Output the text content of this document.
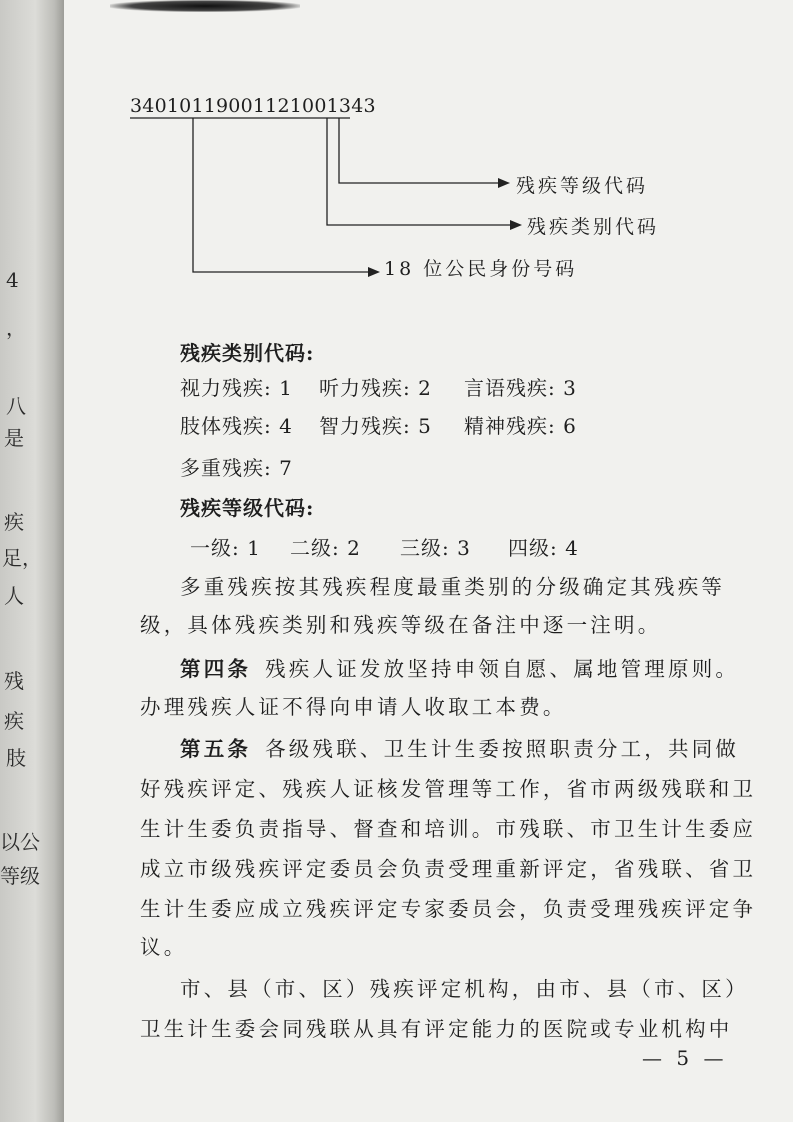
4
，
八
是
疾
足，
人
残
疾
肢
以公
等级
34010119001121001343
残疾等级代码
残疾类别代码
18 位公民身份号码
残疾类别代码:
视力残疾: 1 听力残疾: 2 言语残疾: 3
肢体残疾: 4 智力残疾: 5 精神残疾: 6
多重残疾: 7
残疾等级代码:
一级: 1 二级: 2 三级: 3 四级: 4
多重残疾按其残疾程度最重类别的分级确定其残疾等
级，具体残疾类别和残疾等级在备注中逐一注明。
第四条 残疾人证发放坚持申领自愿、属地管理原则。
办理残疾人证不得向申请人收取工本费。
第五条 各级残联、卫生计生委按照职责分工，共同做
好残疾评定、残疾人证核发管理等工作，省市两级残联和卫
生计生委负责指导、督查和培训。市残联、市卫生计生委应
成立市级残疾评定委员会负责受理重新评定，省残联、省卫
生计生委应成立残疾评定专家委员会，负责受理残疾评定争
议。
市、县（市、区）残疾评定机构，由市、县（市、区）
卫生计生委会同残联从具有评定能力的医院或专业机构中
— 5 —
